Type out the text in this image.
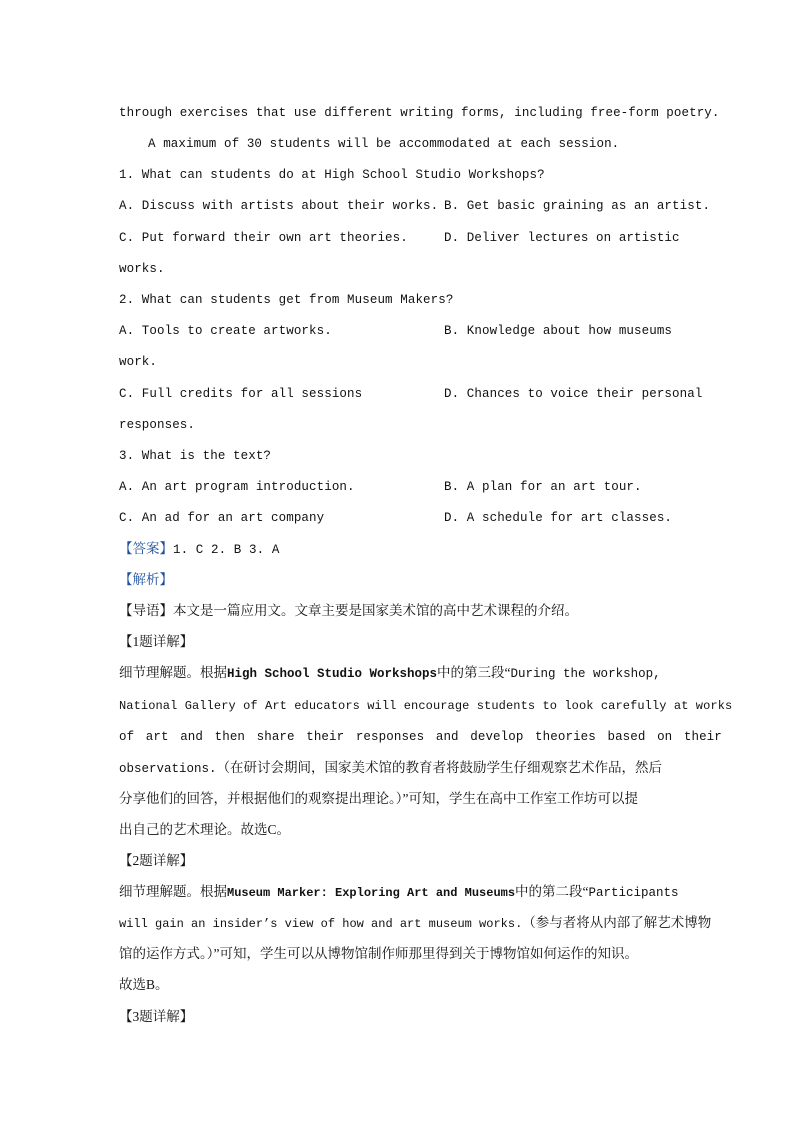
through exercises that use different writing forms, including free-form poetry.
A maximum of 30 students will be accommodated at each session.
1. What can students do at High School Studio Workshops?
A. Discuss with artists about their works. B. Get basic graining as an artist.
C. Put forward their own art theories.	D. Deliver lectures on artistic
works.
2. What can students get from Museum Makers?
A. Tools to create artworks.	B. Knowledge about how museums
work.
C. Full credits for all sessions	D. Chances to voice their personal
responses.
3. What is the text?
A. An art program introduction.	B. A plan for an art tour.
C. An ad for an art company	D. A schedule for art classes.
【答案】1. C 2. B 3. A
【解析】
【导语】本文是一篇应用文。文章主要是国家美术馆的高中艺术课程的介绍。
【1题详解】
细节理解题。根据High School Studio Workshops中的第三段“During the workshop,
National Gallery of Art educators will encourage students to look carefully at works
of art and then share their responses and develop theories based on their
observations.（在研讨会期间，国家美术馆的教育者将鼓励学生仔细观察艺术作品，然后
分享他们的回答，并根据他们的观察提出理论。）”可知，学生在高中工作室工作坊可以提
出自己的艺术理论。故选C。
【2题详解】
细节理解题。根据Museum Marker: Exploring Art and Museums中的第二段“Participants
will gain an insider’s view of how and art museum works.（参与者将从内部了解艺术博物
馆的运作方式。）”可知，学生可以从博物馆制作师那里得到关于博物馆如何运作的知识。
故选B。
【3题详解】
